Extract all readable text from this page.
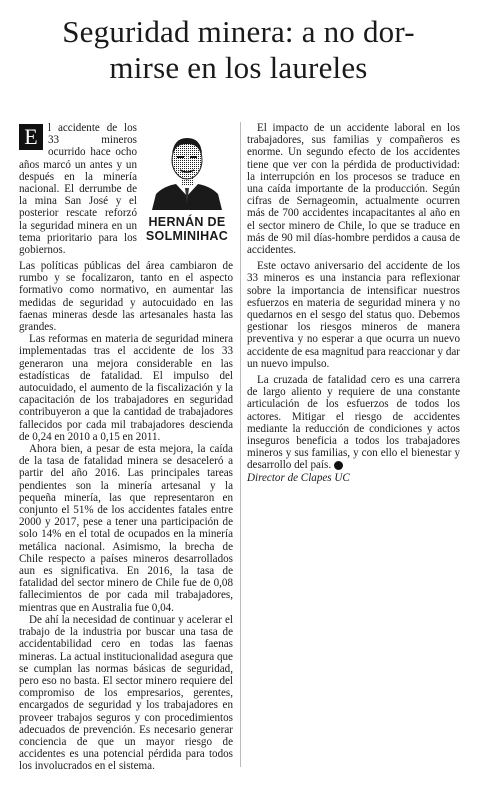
Seguridad minera: a no dor-
mirse en los laureles
E l accidente de los 33 mineros ocurrido hace ocho años marcó un antes y un después en la minería nacional. El derrumbe de la mina San José y el posterior rescate reforzó la seguridad minera en un tema prioritario para los gobiernos.
HERNÁN DE
SOLMINIHAC

Las políticas públicas del área cambiaron de rumbo y se focalizaron, tanto en el aspecto formativo como normativo, en aumentar las medidas de seguridad y autocuidado en las faenas mineras desde las artesanales hasta las grandes.

Las reformas en materia de seguridad minera implementadas tras el accidente de los 33 generaron una mejora considerable en las estadísticas de fatalidad. El impulso del autocuidado, el aumento de la fiscalización y la capacitación de los trabajadores en seguridad contribuyeron a que la cantidad de trabajadores fallecidos por cada mil trabajadores descienda de 0,24 en 2010 a 0,15 en 2011.

Ahora bien, a pesar de esta mejora, la caída de la tasa de fatalidad minera se desaceleró a partir del año 2016. Las principales tareas pendientes son la minería artesanal y la pequeña minería, las que representaron en conjunto el 51% de los accidentes fatales entre 2000 y 2017, pese a tener una participación de solo 14% en el total de ocupados en la minería metálica nacional. Asimismo, la brecha de Chile respecto a países mineros desarrollados aun es significativa. En 2016, la tasa de fatalidad del sector minero de Chile fue de 0,08 fallecimientos de por cada mil trabajadores, mientras que en Australia fue 0,04.

De ahí la necesidad de continuar y acelerar el trabajo de la industria por buscar una tasa de accidentabilidad cero en todas las faenas mineras. La actual institucionalidad asegura que se cumplan las normas básicas de seguridad, pero eso no basta. El sector minero requiere del compromiso de los empresarios, gerentes, encargados de seguridad y los trabajadores en proveer trabajos seguros y con procedimientos adecuados de prevención. Es necesario generar conciencia de que un mayor riesgo de accidentes es una potencial pérdida para todos los involucrados en el sistema.

El impacto de un accidente laboral en los trabajadores, sus familias y compañeros es enorme. Un segundo efecto de los accidentes tiene que ver con la pérdida de productividad: la interrupción en los procesos se traduce en una caída importante de la producción. Según cifras de Sernageomin, actualmente ocurren más de 700 accidentes incapacitantes al año en el sector minero de Chile, lo que se traduce en más de 90 mil días-hombre perdidos a causa de accidentes.

Este octavo aniversario del accidente de los 33 mineros es una instancia para reflexionar sobre la importancia de intensificar nuestros esfuerzos en materia de seguridad minera y no quedarnos en el sesgo del status quo. Debemos gestionar los riesgos mineros de manera preventiva y no esperar a que ocurra un nuevo accidente de esa magnitud para reaccionar y dar un nuevo impulso.

La cruzada de fatalidad cero es una carrera de largo aliento y requiere de una constante articulación de los esfuerzos de todos los actores. Mitigar el riesgo de accidentes mediante la reducción de condiciones y actos inseguros beneficia a todos los trabajadores mineros y sus familias, y con ello el bienestar y desarrollo del país. P

Director de Clapes UC
